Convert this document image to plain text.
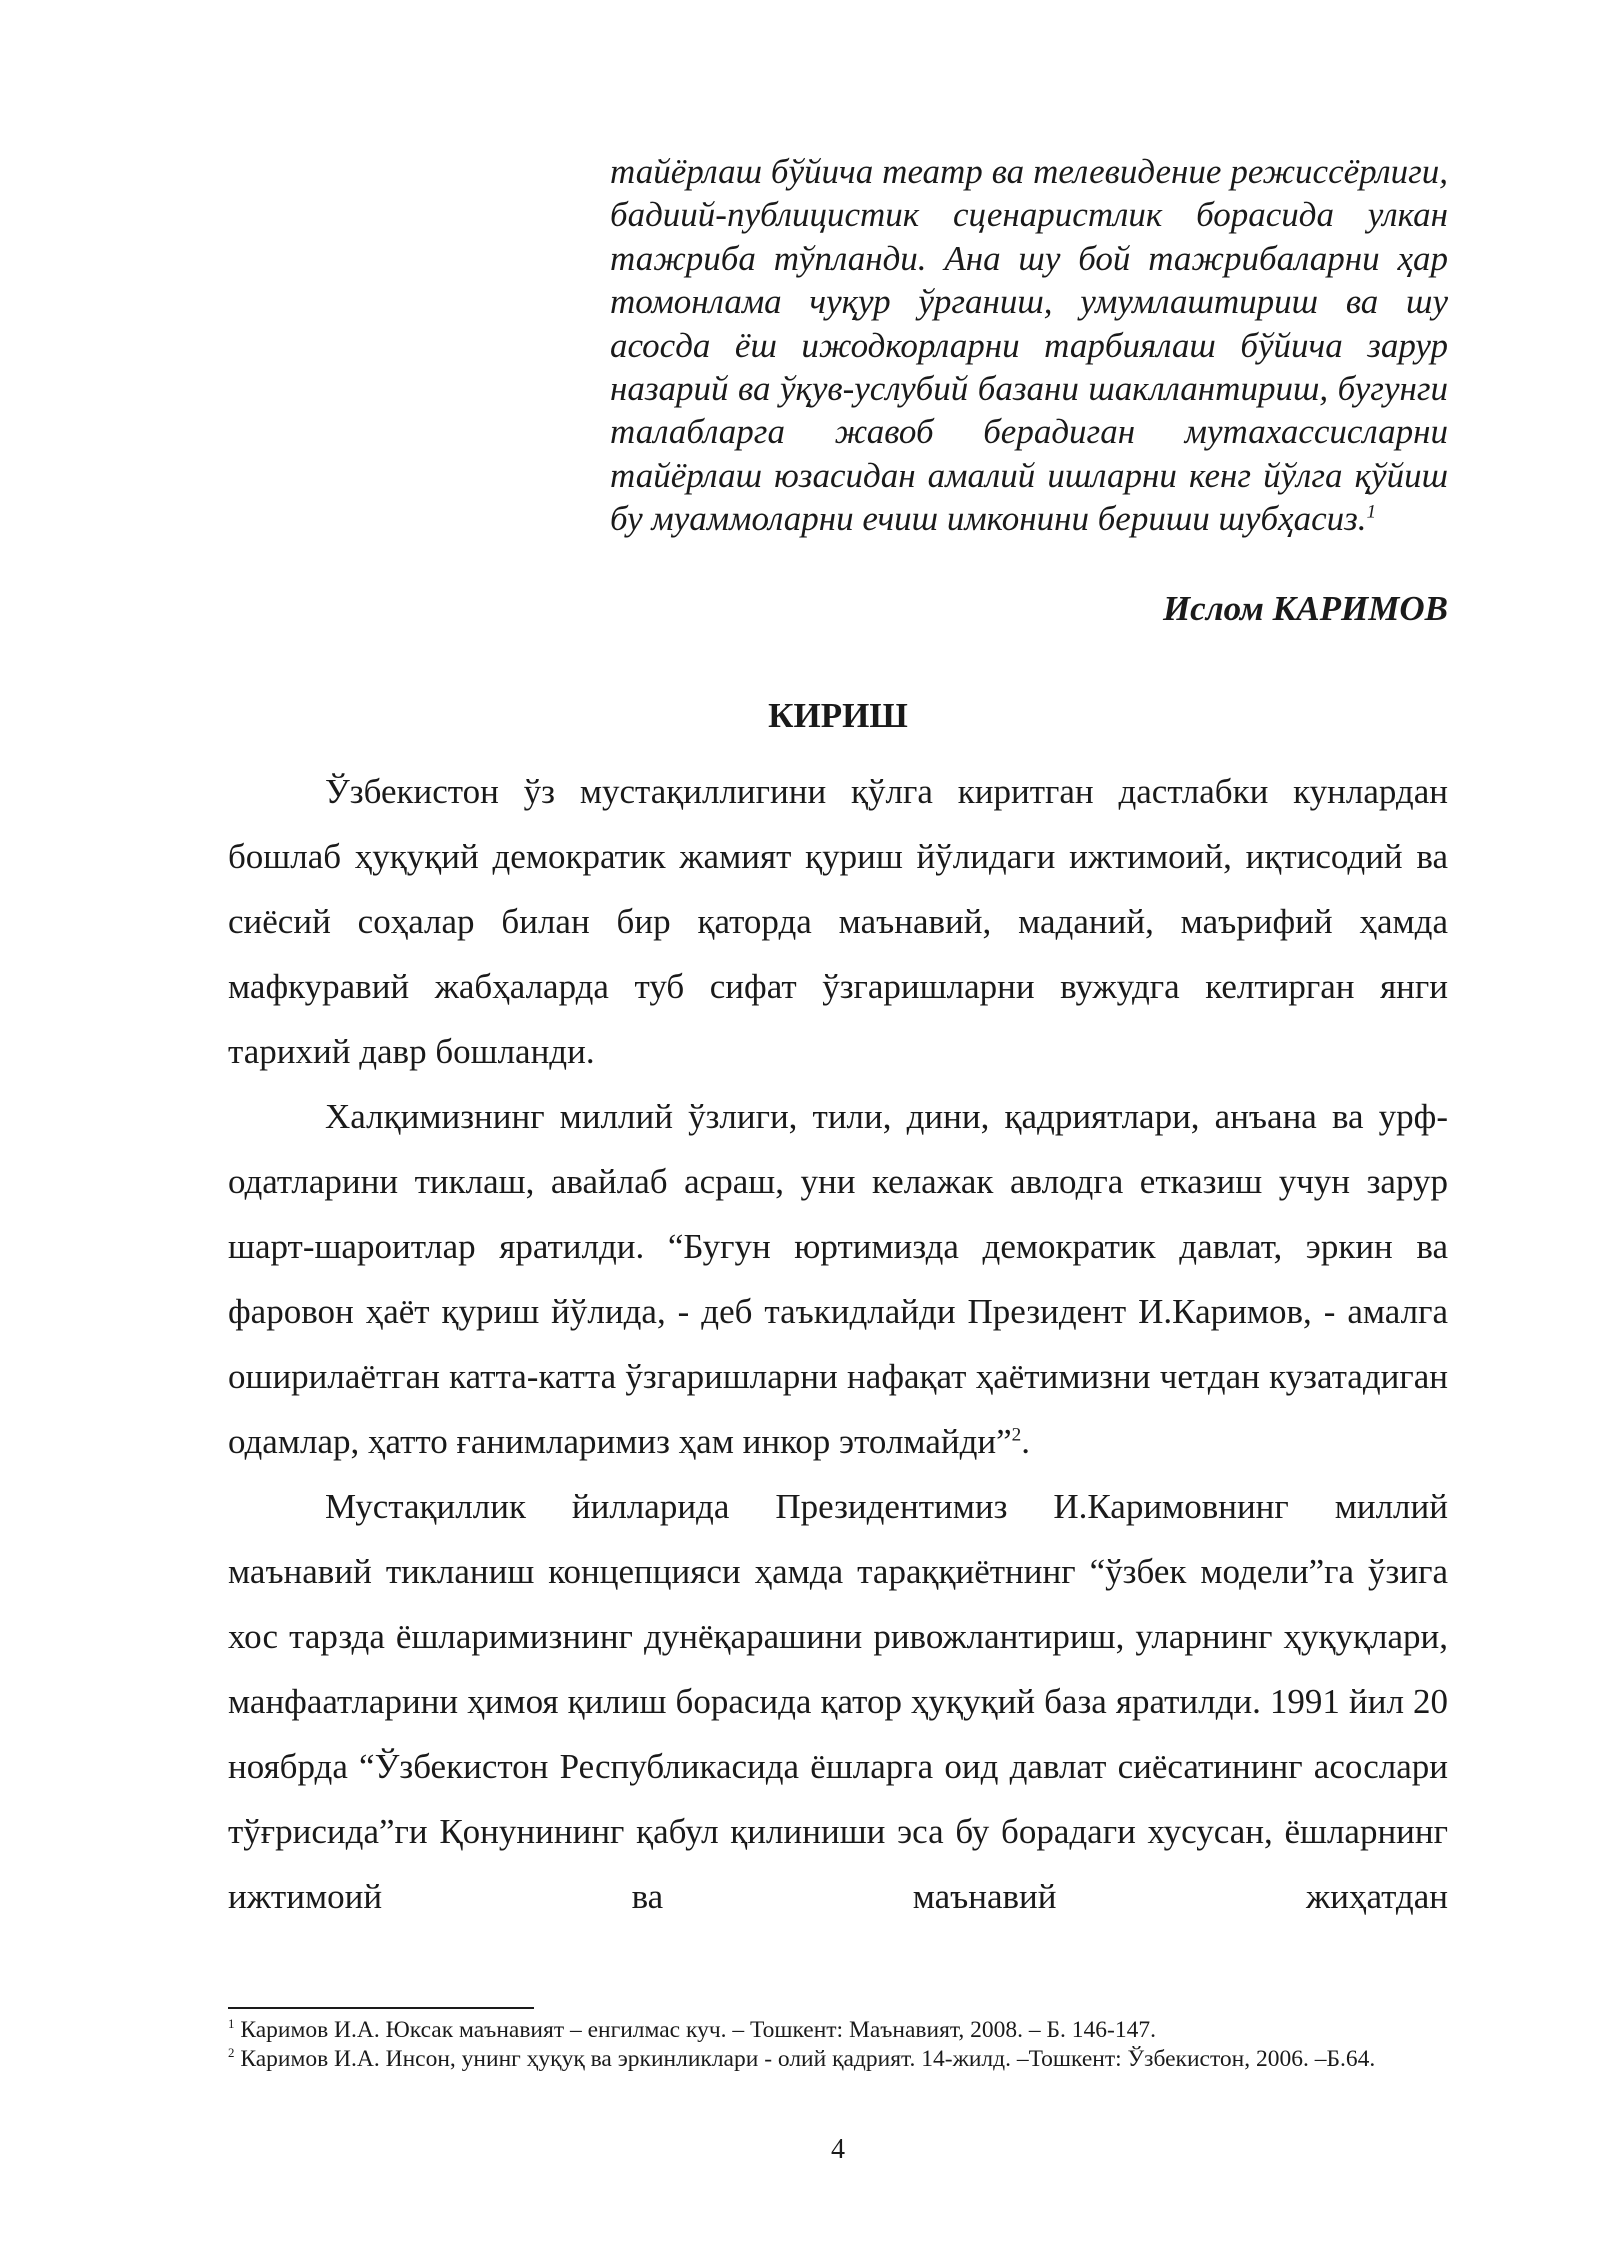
тайёрлаш бўйича театр ва телевидение режиссёрлиги, бадиий-публицистик сценаристлик борасида улкан тажриба тўпланди. Ана шу бой тажрибаларни ҳар томонлама чуқур ўрганиш, умумлаштириш ва шу асосда ёш ижодкорларни тарбиялаш бўйича зарур назарий ва ўқув-услубий базани шакллантириш, бугунги талабларга жавоб берадиган мутахассисларни тайёрлаш юзасидан амалий ишларни кенг йўлга қўйиш бу муаммоларни ечиш имконини бериши шубҳасиз.$^1$
Ислом КАРИМОВ
КИРИШ

Ўзбекистон ўз мустақиллигини қўлга киритган дастлабки кунлардан бошлаб ҳуқуқий демократик жамият қуриш йўлидаги ижтимоий, иқтисодий ва сиёсий соҳалар билан бир қаторда маънавий, маданий, маърифий ҳамда мафкуравий жабҳаларда туб сифат ўзгаришларни вужудга келтирган янги тарихий давр бошланди.

Халқимизнинг миллий ўзлиги, тили, дини, қадриятлари, анъана ва урф-одатларини тиклаш, авайлаб асраш, уни келажак авлодга етказиш учун зарур шарт-шароитлар яратилди. “Бугун юртимизда демократик давлат, эркин ва фаровон ҳаёт қуриш йўлида, - деб таъкидлайди Президент И.Каримов, - амалга оширилаётган катта-катта ўзгаришларни нафақат ҳаётимизни четдан кузатадиган одамлар, ҳатто ғанимларимиз ҳам инкор этолмайди”$^2$.

Мустақиллик йилларида Президентимиз И.Каримовнинг миллий маънавий тикланиш концепцияси ҳамда тараққиётнинг “ўзбек модели”га ўзига хос тарзда ёшларимизнинг дунёқарашини ривожлантириш, уларнинг ҳуқуқлари, манфаатларини ҳимоя қилиш борасида қатор ҳуқуқий база яратилди. 1991 йил 20 ноябрда “Ўзбекистон Республикасида ёшларга оид давлат сиёсатининг асослари тўғрисида”ги Қонунининг қабул қилиниши эса бу борадаги хусусан, ёшларнинг ижтимоий ва маънавий жиҳатдан

$^1$ Каримов И.А. Юксак маънавият – енгилмас куч. – Тошкент: Маънавият, 2008. – Б. 146-147.

$^2$ Каримов И.А. Инсон, унинг ҳуқуқ ва эркинликлари - олий қадрият. 14-жилд. –Тошкент: Ўзбекистон, 2006. –Б.64.

4
